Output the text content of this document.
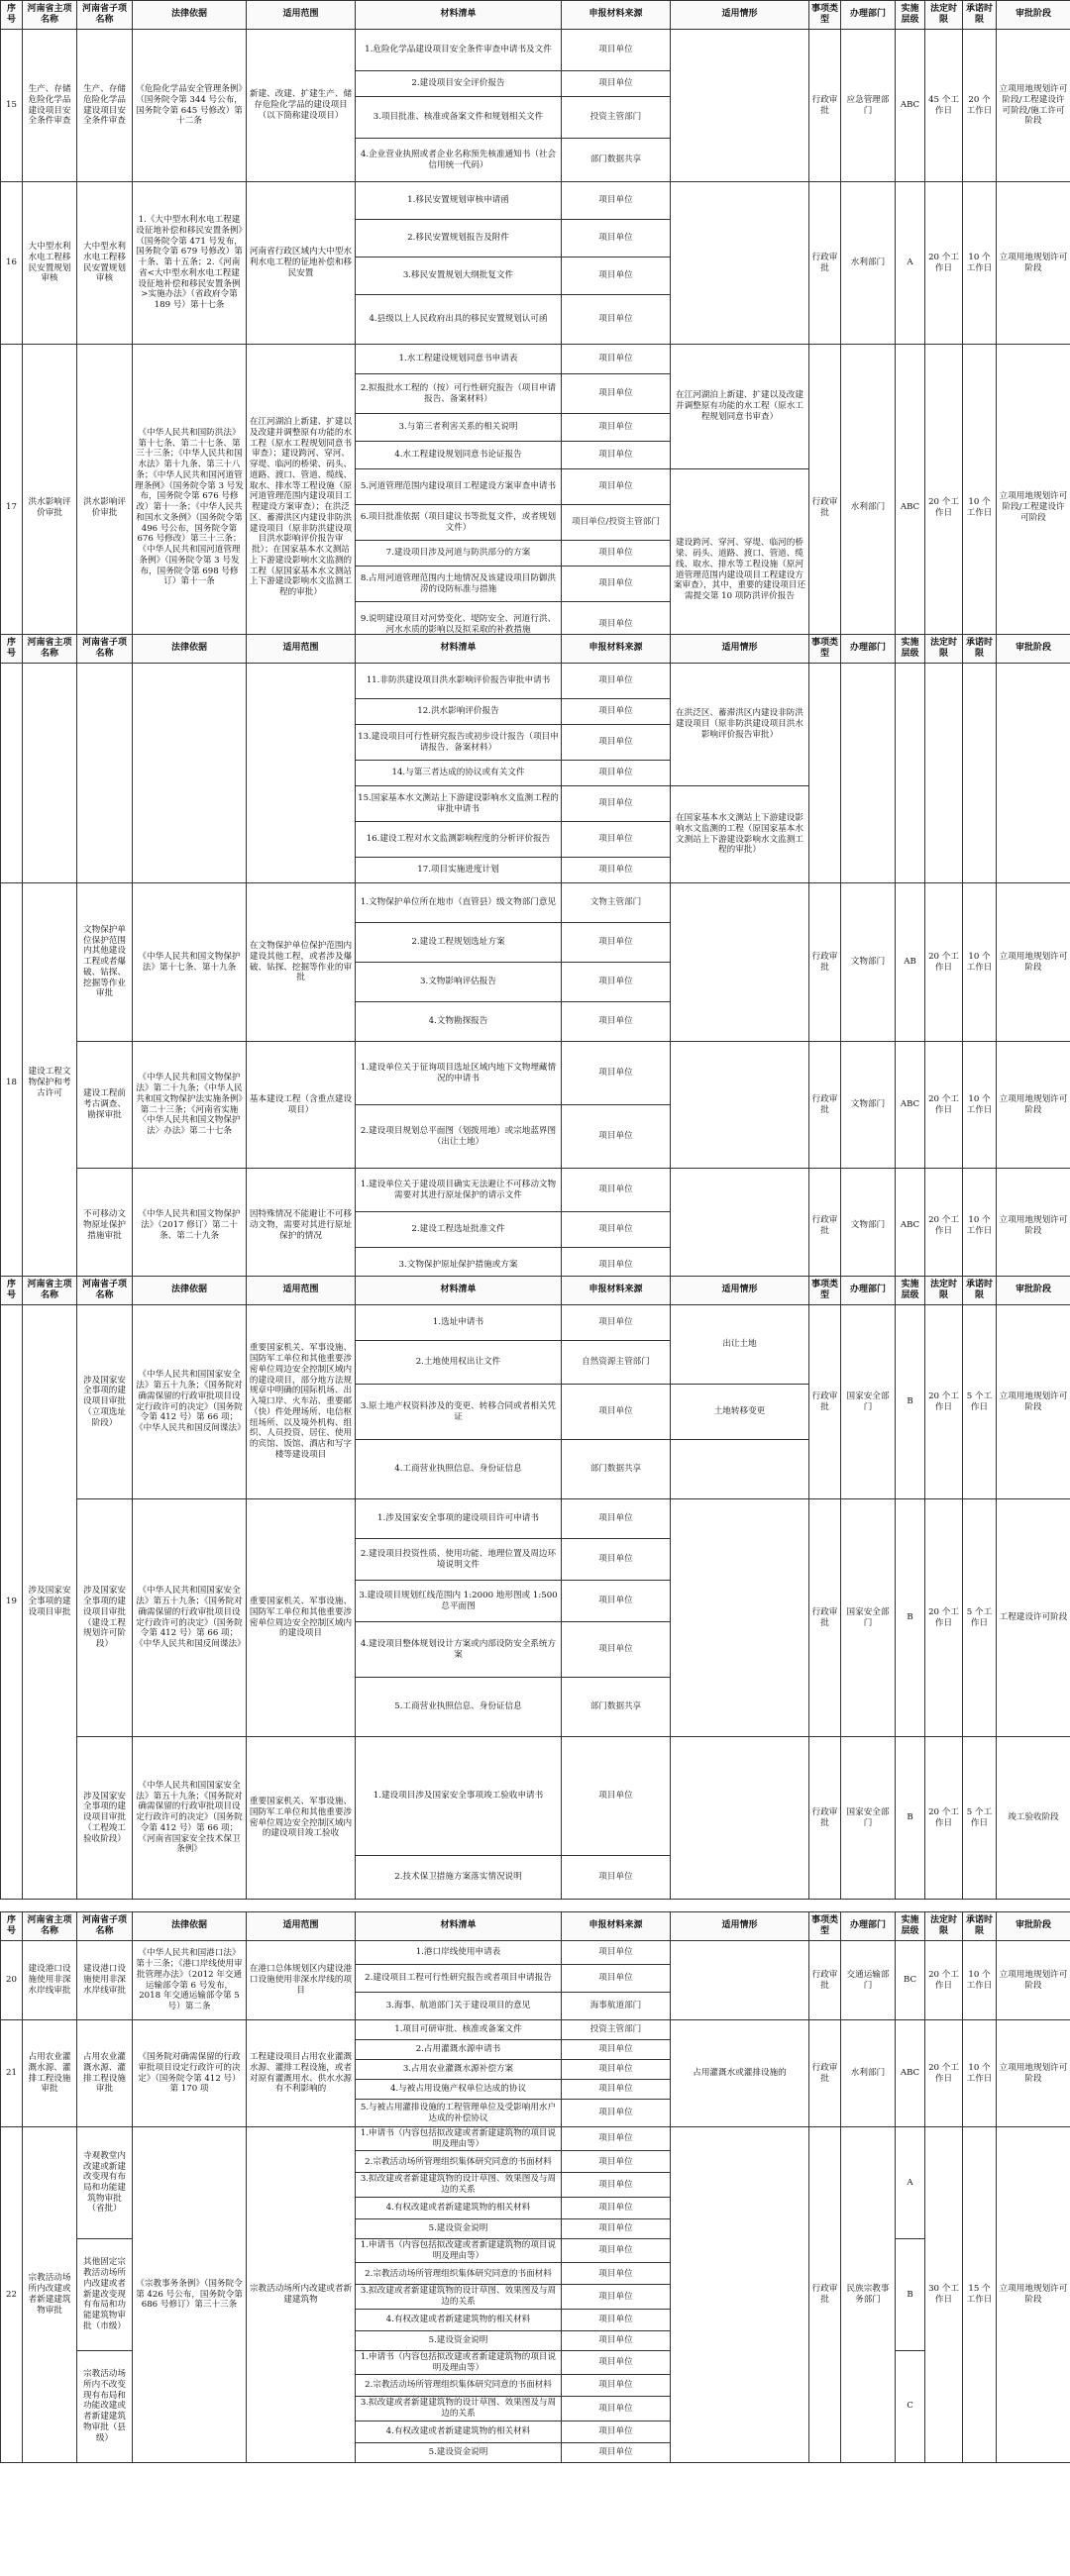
序号	河南省主项名称	河南省子项名称	法律依据	适用范围	材料清单	申报材料来源	适用情形	事项类型	办理部门	实施层级	法定时限	承诺时限	审批阶段
15	生产、存储危险化学品建设项目安全条件审查	生产、存储危险化学品建设项目安全条件审查	《危险化学品安全管理条例》（国务院令第 344 号公布，国务院令第 645 号修改）第十二条	新建、改建、扩建生产、储存危险化学品的建设项目（以下简称建设项目）	1.危险化学品建设项目安全条件审查申请书及文件	项目单位		行政审批	应急管理部门	ABC	45 个工作日	20 个工作日	立项用地规划许可阶段/工程建设许可阶段/施工许可阶段
					2.建设项目安全评价报告	项目单位							
					3.项目批准、核准或备案文件和规划相关文件	投资主管部门							
					4.企业营业执照或者企业名称预先核准通知书（社会信用统一代码）	部门数据共享							
16	大中型水利水电工程移民安置规划审核	大中型水利水电工程移民安置规划审核	1.《大中型水利水电工程建设征地补偿和移民安置条例》（国务院令第 471 号发布，国务院令第 679 号修改）第十条、第十五条；2.《河南省<大中型水利水电工程建设征地补偿和移民安置条例>实施办法》（省政府令第 189 号）第十七条	河南省行政区域内大中型水利水电工程的征地补偿和移民安置	1.移民安置规划审核申请函	项目单位		行政审批	水利部门	A	20 个工作日	10 个工作日	立项用地规划许可阶段
					2.移民安置规划报告及附件	项目单位							
					3.移民安置规划大纲批复文件	项目单位							
					4.县级以上人民政府出具的移民安置规划认可函	项目单位							
17	洪水影响评价审批	洪水影响评价审批	《中华人民共和国防洪法》第十七条、第二十七条、第三十三条；《中华人民共和国水法》第十九条、第三十八条；《中华人民共和国河道管理条例》（国务院令第 3 号发布，国务院令第 676 号修改）第十一条；《中华人民共和国水文条例》（国务院令第 496 号公布，国务院令第 676 号修改）第三十三条；《中华人民共和国河道管理条例》（国务院令第 3 号发布，国务院令第 698 号修订）第十一条	在江河湖泊上新建、扩建以及改建并调整原有功能的水工程（原水工程规划同意书审查）；建设跨河、穿河、穿堤、临河的桥梁、码头、道路、渡口、管道、缆线、取水、排水等工程设施（原河道管理范围内建设项目工程建设方案审查）；在洪泛区、蓄滞洪区内建设非防洪建设项目（原非防洪建设项目洪水影响评价报告审批）；在国家基本水文测站上下游建设影响水文监测的工程（原国家基本水文测站上下游建设影响水文监测工程的审批）	1.水工程建设规划同意书申请表	项目单位	在江河湖泊上新建、扩建以及改建并调整原有功能的水工程（原水工程规划同意书审查）	行政审批	水利部门	ABC	20 个工作日	10 个工作日	立项用地规划许可阶段/工程建设许可阶段
					2.拟报批水工程的（按）可行性研究报告（项目申请报告、备案材料）	项目单位							
					3.与第三者利害关系的相关说明	项目单位							
					4.水工程建设规划同意书论证报告	项目单位							
					5.河道管理范围内建设项目工程建设方案审查申请书	项目单位	建设跨河、穿河、穿堤、临河的桥梁、码头、道路、渡口、管道、缆线、取水、排水等工程设施（原河道管理范围内建设项目工程建设方案审查），其中，重要的建设项目还需提交第 10 项防洪评价报告						
					6.项目批准依据（项目建议书等批复文件，或者规划文件）	项目单位/投资主管部门							
					7.建设项目涉及河道与防洪部分的方案	项目单位							
					8.占用河道管理范围内土地情况及该建设项目防御洪涝的设防标准与措施	项目单位							
					9.说明建设项目对河势变化、堤防安全、河道行洪、河水水质的影响以及拟采取的补救措施	项目单位							

序号	河南省主项名称	河南省子项名称	法律依据	适用范围	材料清单	申报材料来源	适用情形	事项类型	办理部门	实施层级	法定时限	承诺时限	审批阶段
					11.非防洪建设项目洪水影响评价报告审批申请书	项目单位	在洪泛区、蓄滞洪区内建设非防洪建设项目（原非防洪建设项目洪水影响评价报告审批）						
					12.洪水影响评价报告	项目单位							
					13.建设项目可行性研究报告或初步设计报告（项目申请报告、备案材料）	项目单位							
					14.与第三者达成的协议或有关文件	项目单位							
					15.国家基本水文测站上下游建设影响水文监测工程的审批申请书	项目单位	在国家基本水文测站上下游建设影响水文监测的工程（原国家基本水文测站上下游建设影响水文监测工程的审批）						
					16.建设工程对水文监测影响程度的分析评价报告	项目单位							
					17.项目实施进度计划	项目单位							
18	建设工程文物保护和考古许可	文物保护单位保护范围内其他建设工程或者爆破、钻探、挖掘等作业审批	《中华人民共和国文物保护法》第十七条、第十九条	在文物保护单位保护范围内建设其他工程，或者涉及爆破、钻探、挖掘等作业的审批	1.文物保护单位所在地市（直管县）级文物部门意见	文物主管部门		行政审批	文物部门	AB	20 个工作日	10 个工作日	立项用地规划许可阶段
					2.建设工程规划选址方案	项目单位							
					3.文物影响评估报告	项目单位							
					4.文物勘探报告	项目单位							
		建设工程前考古调查、勘探审批	《中华人民共和国文物保护法》第二十九条；《中华人民共和国文物保护法实施条例》第二十三条；《河南省实施〈中华人民共和国文物保护法〉办法》第二十七条	基本建设工程（含重点建设项目）	1.建设单位关于征询项目选址区域内地下文物埋藏情况的申请书	项目单位		行政审批	文物部门	ABC	20 个工作日	10 个工作日	立项用地规划许可阶段
					2.建设项目规划总平面图（划拨用地）或宗地蓝界图（出让土地）	项目单位							
		不可移动文物原址保护措施审批	《中华人民共和国文物保护法》（2017 修订）第二十条、第二十九条	因特殊情况不能避让不可移动文物，需要对其进行原址保护的情况	1.建设单位关于建设项目确实无法避让不可移动文物需要对其进行原址保护的请示文件	项目单位		行政审批	文物部门	ABC	20 个工作日	10 个工作日	立项用地规划许可阶段
					2.建设工程选址批准文件	项目单位							
					3.文物保护原址保护措施或方案	项目单位							
序号	河南省主项名称	河南省子项名称	法律依据	适用范围	材料清单	申报材料来源	适用情形	事项类型	办理部门	实施层级	法定时限	承诺时限	审批阶段
19	涉及国家安全事项的建设项目审批	涉及国家安全事项的建设项目审批（立项选址阶段）	《中华人民共和国国家安全法》第五十九条；《国务院对确需保留的行政审批项目设定行政许可的决定》（国务院令第 412 号）第 66 项；《中华人民共和国反间谍法》	重要国家机关、军事设施、国防军工单位和其他重要涉密单位周边安全控制区域内的建设项目，部分地方法规规章中明确的国际机场、出入境口岸、火车站、重要邮（快）件处理场所、电信枢纽场所、以及境外机构、组织、人员投资、居住、使用的宾馆、饭馆、酒店和写字楼等建设项目	1.选址申请书	项目单位	出让土地	行政审批	国家安全部门	B	20 个工作日	5 个工作日	立项用地规划许可阶段
					2.土地使用权出让文件	自然资源主管部门							
					3.原土地产权资料涉及的变更、转移合同或者相关凭证	项目单位	土地转移变更						
					4.工商营业执照信息、身份证信息	部门数据共享							
		涉及国家安全事项的建设项目审批（建设工程规划许可阶段）	《中华人民共和国国家安全法》第五十九条；《国务院对确需保留的行政审批项目设定行政许可的决定》（国务院令第 412 号）第 66 项；《中华人民共和国反间谍法》	重要国家机关、军事设施、国防军工单位和其他重要涉密单位周边安全控制区域内的建设项目	1.涉及国家安全事项的建设项目许可申请书	项目单位		行政审批	国家安全部门	B	20 个工作日	5 个工作日	工程建设许可阶段
					2.建设项目投资性质、使用功能、地理位置及周边环境说明文件	项目单位							
					3.建设项目规划红线范围内 1:2000 地形图或 1:500 总平面图	项目单位							
					4.建设项目整体规划设计方案或内部设防安全系统方案	项目单位							
					5.工商营业执照信息、身份证信息	部门数据共享							
		涉及国家安全事项的建设项目审批（工程竣工验收阶段）	《中华人民共和国国家安全法》第五十九条；《国务院对确需保留的行政审批项目设定行政许可的决定》（国务院令第 412 号）第 66 项；《河南省国家安全技术保卫条例》	重要国家机关、军事设施、国防军工单位和其他重要涉密单位周边安全控制区域内的建设项目竣工验收	1.建设项目涉及国家安全事项竣工验收申请书	项目单位		行政审批	国家安全部门	B	20 个工作日	5 个工作日	竣工验收阶段
					2.技术保卫措施方案落实情况说明	项目单位							
序号	河南省主项名称	河南省子项名称	法律依据	适用范围	材料清单	申报材料来源	适用情形	事项类型	办理部门	实施层级	法定时限	承诺时限	审批阶段
20	建设港口设施使用非深水岸线审批	建设港口设施使用非深水岸线审批	《中华人民共和国港口法》第十三条；《港口岸线使用审批管理办法》（2012 年交通运输部令第 6 号发布，2018 年交通运输部令第 5 号）第二条	在港口总体规划区内建设港口设施使用非深水岸线的项目	1.港口岸线使用申请表	项目单位		行政审批	交通运输部门	BC	20 个工作日	10 个工作日	立项用地规划许可阶段
					2.建设项目工程可行性研究报告或者项目申请报告	项目单位							
					3.海事、航道部门关于建设项目的意见	海事航道部门							
21	占用农业灌溉水源、灌排工程设施审批	占用农业灌溉水源、灌排工程设施审批	《国务院对确需保留的行政审批项目设定行政许可的决定》（国务院令第 412 号）第 170 项	工程建设项目占用农业灌溉水源、灌排工程设施，或者对原有灌溉用水、供水水源有不利影响的	1.项目可研审批、核准或备案文件	投资主管部门	占用灌溉水或灌排设施的	行政审批	水利部门	ABC	20 个工作日	10 个工作日	立项用地规划许可阶段
					2.占用灌溉水源申请书	项目单位							
					3.占用农业灌溉水源补偿方案	项目单位							
					4.与被占用设施产权单位达成的协议	项目单位							
					5.与被占用灌排设施的工程管理单位及受影响用水户达成的补偿协议	项目单位							
22	宗教活动场所内改建或者新建建筑物审批	寺观教堂内改建或新建改变现有布局和功能建筑物审批（省批）	《宗教事务条例》（国务院令第 426 号公布，国务院令第 686 号修订）第三十三条	宗教活动场所内改建或者新建建筑物	1.申请书（内容包括拟改建或者新建建筑物的项目说明及理由等）	项目单位		行政审批	民族宗教事务部门	A	30 个工作日	15 个工作日	立项用地规划许可阶段
					2.宗教活动场所管理组织集体研究同意的书面材料	项目单位							
					3.拟改建或者新建建筑物的设计草图、效果图及与周边的关系	项目单位							
					4.有权改建或者新建建筑物的相关材料	项目单位							
					5.建设资金说明	项目单位							
		其他固定宗教活动场所内改建或者新建改变现有布局和功能建筑物审批（市级）			1.申请书（内容包括拟改建或者新建建筑物的项目说明及理由等）	项目单位				B			
					2.宗教活动场所管理组织集体研究同意的书面材料	项目单位							
					3.拟改建或者新建建筑物的设计草图、效果图及与周边的关系	项目单位							
					4.有权改建或者新建建筑物的相关材料	项目单位							
					5.建设资金说明	项目单位							
		宗教活动场所内不改变现有布局和功能改建或者新建建筑物审批（县级）			1.申请书（内容包括拟改建或者新建建筑物的项目说明及理由等）	项目单位				C			
					2.宗教活动场所管理组织集体研究同意的书面材料	项目单位							
					3.拟改建或者新建建筑物的设计草图、效果图及与周边的关系	项目单位							
					4.有权改建或者新建建筑物的相关材料	项目单位							
					5.建设资金说明	项目单位							
